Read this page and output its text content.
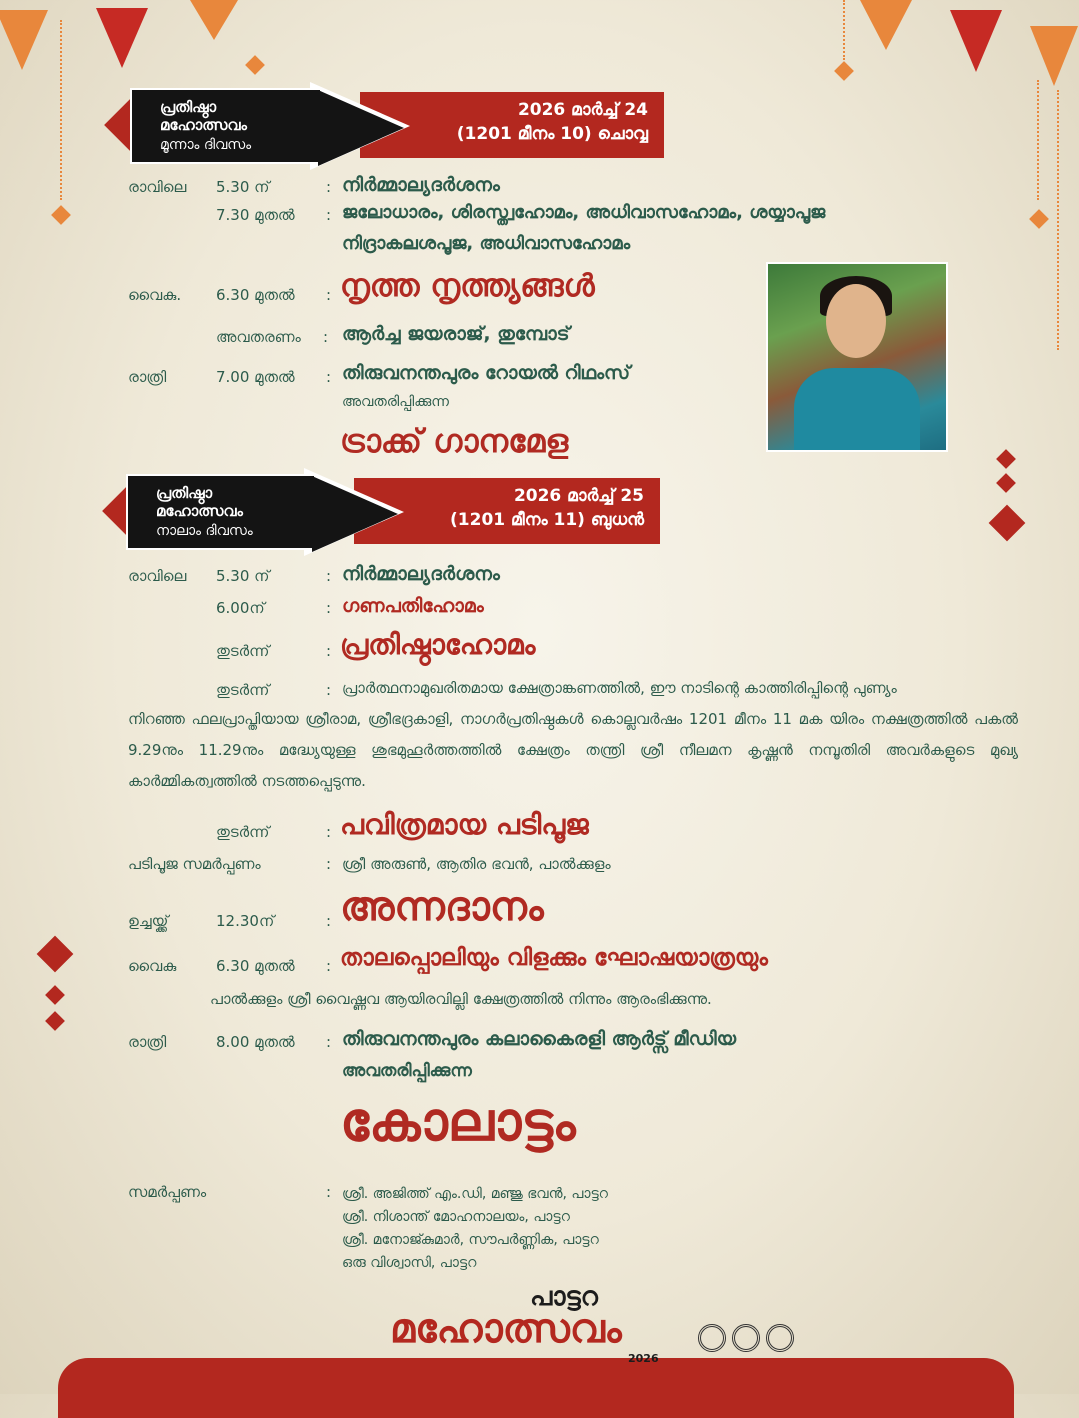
2026 മാർച്ച് 24
(1201 മീനം 10) ചൊവ്വ
പ്രതിഷ്ഠാ
മഹോത്സവം
മൂന്നാം ദിവസം
രാവിലെ 5.30 ന്	: നിർമ്മാല്യദർശനം
7.30 മുതൽ : ജലോധാരം, ശിരസ്ത്വഹോമം, അധിവാസഹോമം, ശയ്യാപൂജ
നിദ്രാകലശപൂജ, അധിവാസഹോമം
വൈകു. 6.30 മുതൽ : നൃത്ത നൃത്ത്യങ്ങൾ
അവതരണം : ആർച്ച ജയരാജ്, തുമ്പോട്
രാത്രി	7.00 മുതൽ : തിരുവനന്തപുരം റോയൽ റിഥംസ്
അവതരിപ്പിക്കുന്ന
ട്രാക്ക് ഗാനമേള
2026 മാർച്ച് 25
(1201 മീനം 11) ബുധൻ
പ്രതിഷ്ഠാ
മഹോത്സവം
നാലാം ദിവസം
രാവിലെ 5.30 ന്	: നിർമ്മാല്യദർശനം
6.00ന്	: ഗണപതിഹോമം
തുടർന്ന്	: പ്രതിഷ്ഠാഹോമം
തുടർന്ന്	: പ്രാർത്ഥനാമുഖരിതമായ ക്ഷേത്രാങ്കണത്തിൽ, ഈ നാടിന്റെ കാത്തിരിപ്പിന്റെ പുണ്യം
നിറഞ്ഞ ഫലപ്രാപ്തിയായ ശ്രീരാമ, ശ്രീഭദ്രകാളി, നാഗർപ്രതിഷ്ഠകൾ കൊല്ലവർഷം 1201 മീനം 11 മക യിരം നക്ഷത്രത്തിൽ പകൽ 9.29നും 11.29നും മദ്ധ്യേയുള്ള ശുഭമുഹൂർത്തത്തിൽ ക്ഷേത്രം തന്ത്രി ശ്രീ നീലമന കൃഷ്ണൻ നമ്പൂതിരി അവർകളുടെ മുഖ്യ കാർമ്മികത്വത്തിൽ നടത്തപ്പെടുന്നു.
തുടർന്ന്	: പവിത്രമായ പടിപൂജ
പടിപൂജ സമർപ്പണം	: ശ്രീ അരുൺ, ആതിര ഭവൻ, പാൽക്കുളം
ഉച്ചയ്ക്ക്	12.30ന്	: അന്നദാനം
വൈകു	6.30 മുതൽ : താലപ്പൊലിയും വിളക്കും ഘോഷയാത്രയും
പാൽക്കുളം ശ്രീ വൈഷ്ണവ ആയിരവില്ലി ക്ഷേത്രത്തിൽ നിന്നും ആരംഭിക്കുന്നു.
രാത്രി	8.00 മുതൽ : തിരുവനന്തപുരം കലാകൈരളി ആർട്സ് മീഡിയ
അവതരിപ്പിക്കുന്ന
കോലാട്ടം
സമർപ്പണം	: ശ്രീ. അജിത്ത് എം.ഡി, മഞ്ജു ഭവൻ, പാട്ടറ
ശ്രീ. നിശാന്ത് മോഹനാലയം, പാട്ടറ
ശ്രീ. മനോജ്കുമാർ, സൗപർണ്ണിക, പാട്ടറ
ഒരു വിശ്വാസി, പാട്ടറ
പാട്ടറ
മഹോത്സവം
2026
